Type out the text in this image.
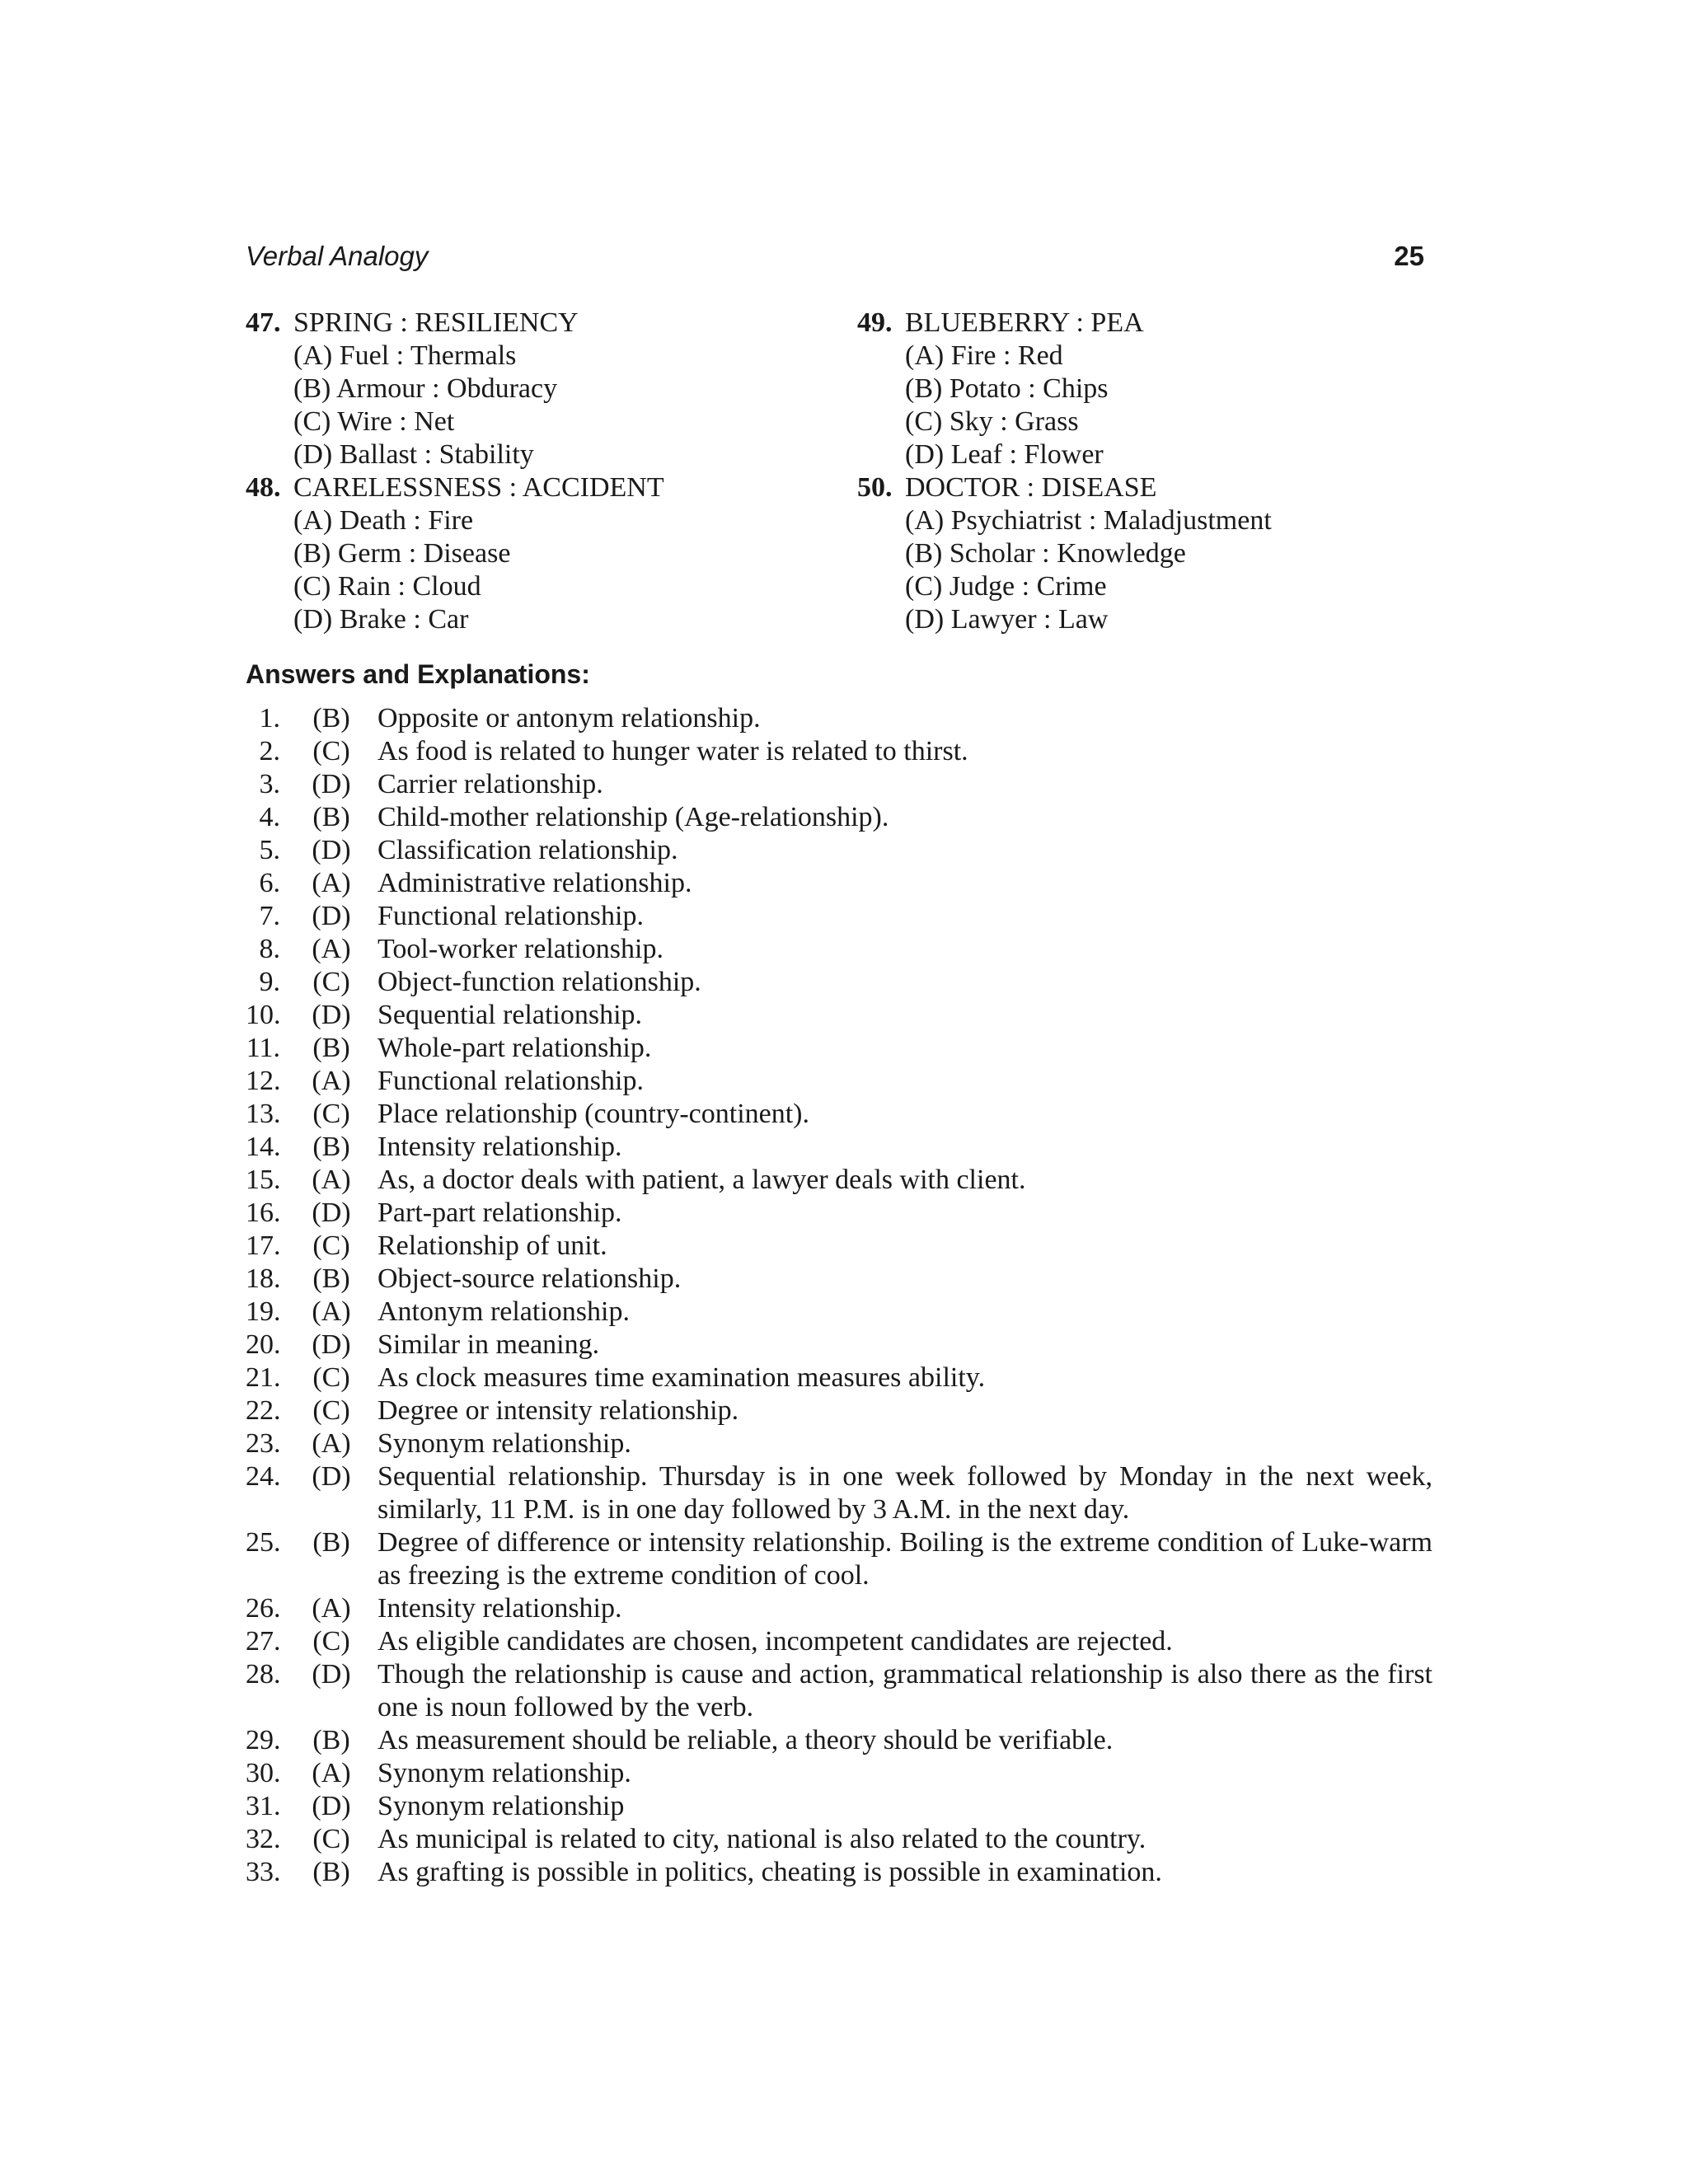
Verbal Analogy	25
47. SPRING : RESILIENCY
(A) Fuel : Thermals
(B) Armour : Obduracy
(C) Wire : Net
(D) Ballast : Stability
48. CARELESSNESS : ACCIDENT
(A) Death : Fire
(B) Germ : Disease
(C) Rain : Cloud
(D) Brake : Car
49. BLUEBERRY : PEA
(A) Fire : Red
(B) Potato : Chips
(C) Sky : Grass
(D) Leaf : Flower
50. DOCTOR : DISEASE
(A) Psychiatrist : Maladjustment
(B) Scholar : Knowledge
(C) Judge : Crime
(D) Lawyer : Law
Answers and Explanations:
1.	(B) Opposite or antonym relationship.
2.	(C) As food is related to hunger water is related to thirst.
3.	(D) Carrier relationship.
4.	(B) Child-mother relationship (Age-relationship).
5.	(D) Classification relationship.
6.	(A) Administrative relationship.
7.	(D) Functional relationship.
8.	(A) Tool-worker relationship.
9.	(C) Object-function relationship.
10.	(D) Sequential relationship.
11.	(B) Whole-part relationship.
12.	(A) Functional relationship.
13.	(C) Place relationship (country-continent).
14.	(B) Intensity relationship.
15.	(A) As, a doctor deals with patient, a lawyer deals with client.
16.	(D) Part-part relationship.
17.	(C) Relationship of unit.
18.	(B) Object-source relationship.
19.	(A) Antonym relationship.
20.	(D) Similar in meaning.
21.	(C) As clock measures time examination measures ability.
22.	(C) Degree or intensity relationship.
23.	(A) Synonym relationship.
24.	(D) Sequential relationship. Thursday is in one week followed by Monday in the next week, similarly, 11 P.M. is in one day followed by 3 A.M. in the next day.
25.	(B) Degree of difference or intensity relationship. Boiling is the extreme condition of Luke-warm as freezing is the extreme condition of cool.
26.	(A) Intensity relationship.
27.	(C) As eligible candidates are chosen, incompetent candidates are rejected.
28.	(D) Though the relationship is cause and action, grammatical relationship is also there as the first one is noun followed by the verb.
29.	(B) As measurement should be reliable, a theory should be verifiable.
30.	(A) Synonym relationship.
31.	(D) Synonym relationship
32.	(C) As municipal is related to city, national is also related to the country.
33.	(B) As grafting is possible in politics, cheating is possible in examination.
